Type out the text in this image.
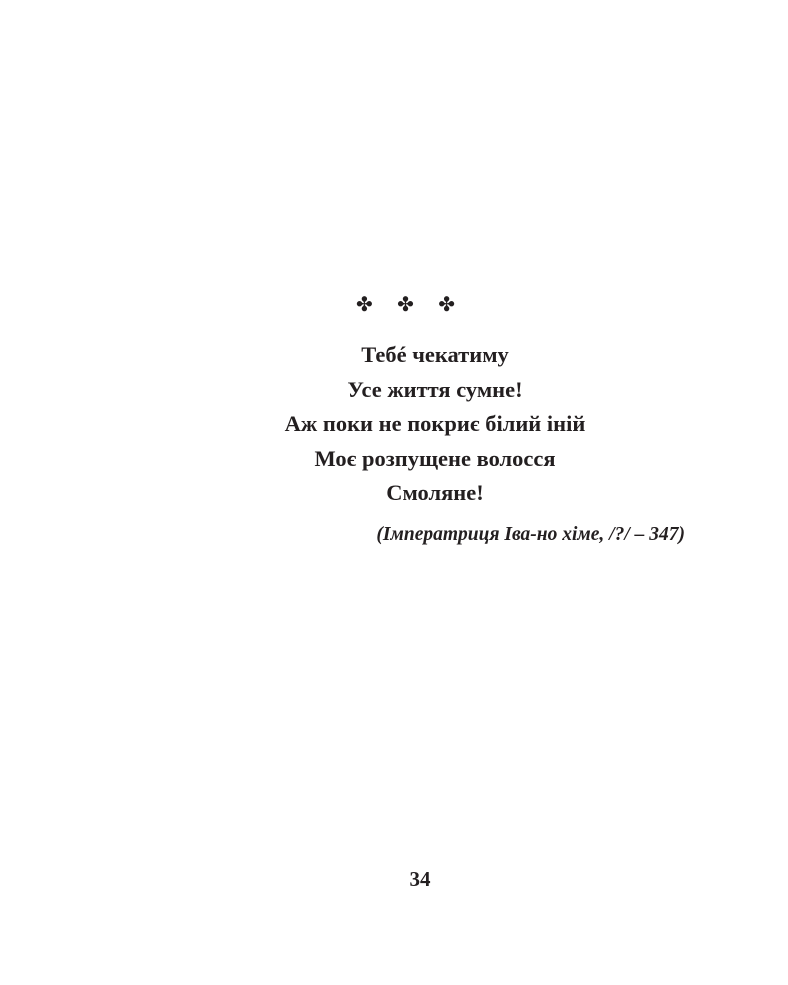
✤ ✤ ✤
Тебé чекатиму
Усе життя сумне!
Аж поки не покриє білий іній
Моє розпущене волосся
Смоляне!
(Імператриця Іва-но хіме, /?/ – 347)
34
